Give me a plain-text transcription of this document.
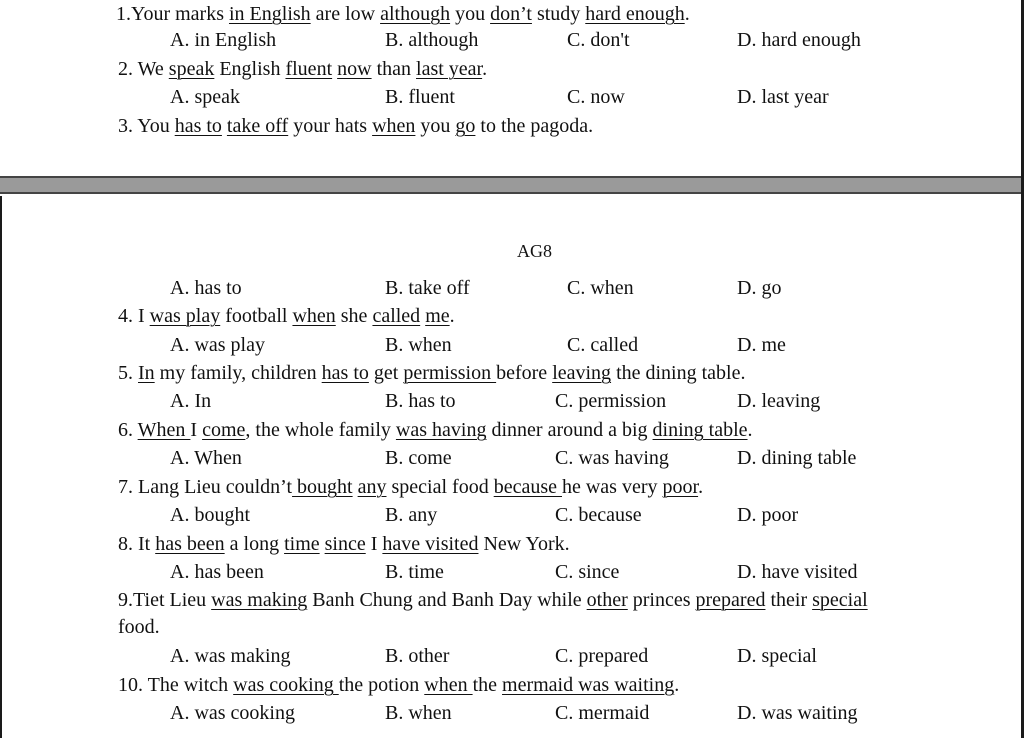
1.Your marks in English are low although you don’t study hard enough.
A. in English	B. although	C. don't	D. hard enough
2. We speak English fluent now than last year.
A. speak	B. fluent	C. now	D. last year
3. You has to take off your hats when you go to the pagoda.
AG8
A. has to	B. take off	C. when	D. go
4. I was play football when she called me.
A. was play	B. when	C. called	D. me
5. In my family, children has to get permission before leaving the dining table.
A. In	B. has to	C. permission	D. leaving
6. When I come, the whole family was having dinner around a big dining table.
A. When	B. come	C. was having	D. dining table
7. Lang Lieu couldn’t bought any special food because he was very poor.
A. bought	B. any	C. because	D. poor
8. It has been a long time since I have visited New York.
A. has been	B. time	C. since	D. have visited
9.Tiet Lieu was making Banh Chung and Banh Day while other princes prepared their special food.
A. was making	B. other	C. prepared	D. special
10. The witch was cooking the potion when the mermaid was waiting.
A. was cooking	B. when	C. mermaid	D. was waiting
